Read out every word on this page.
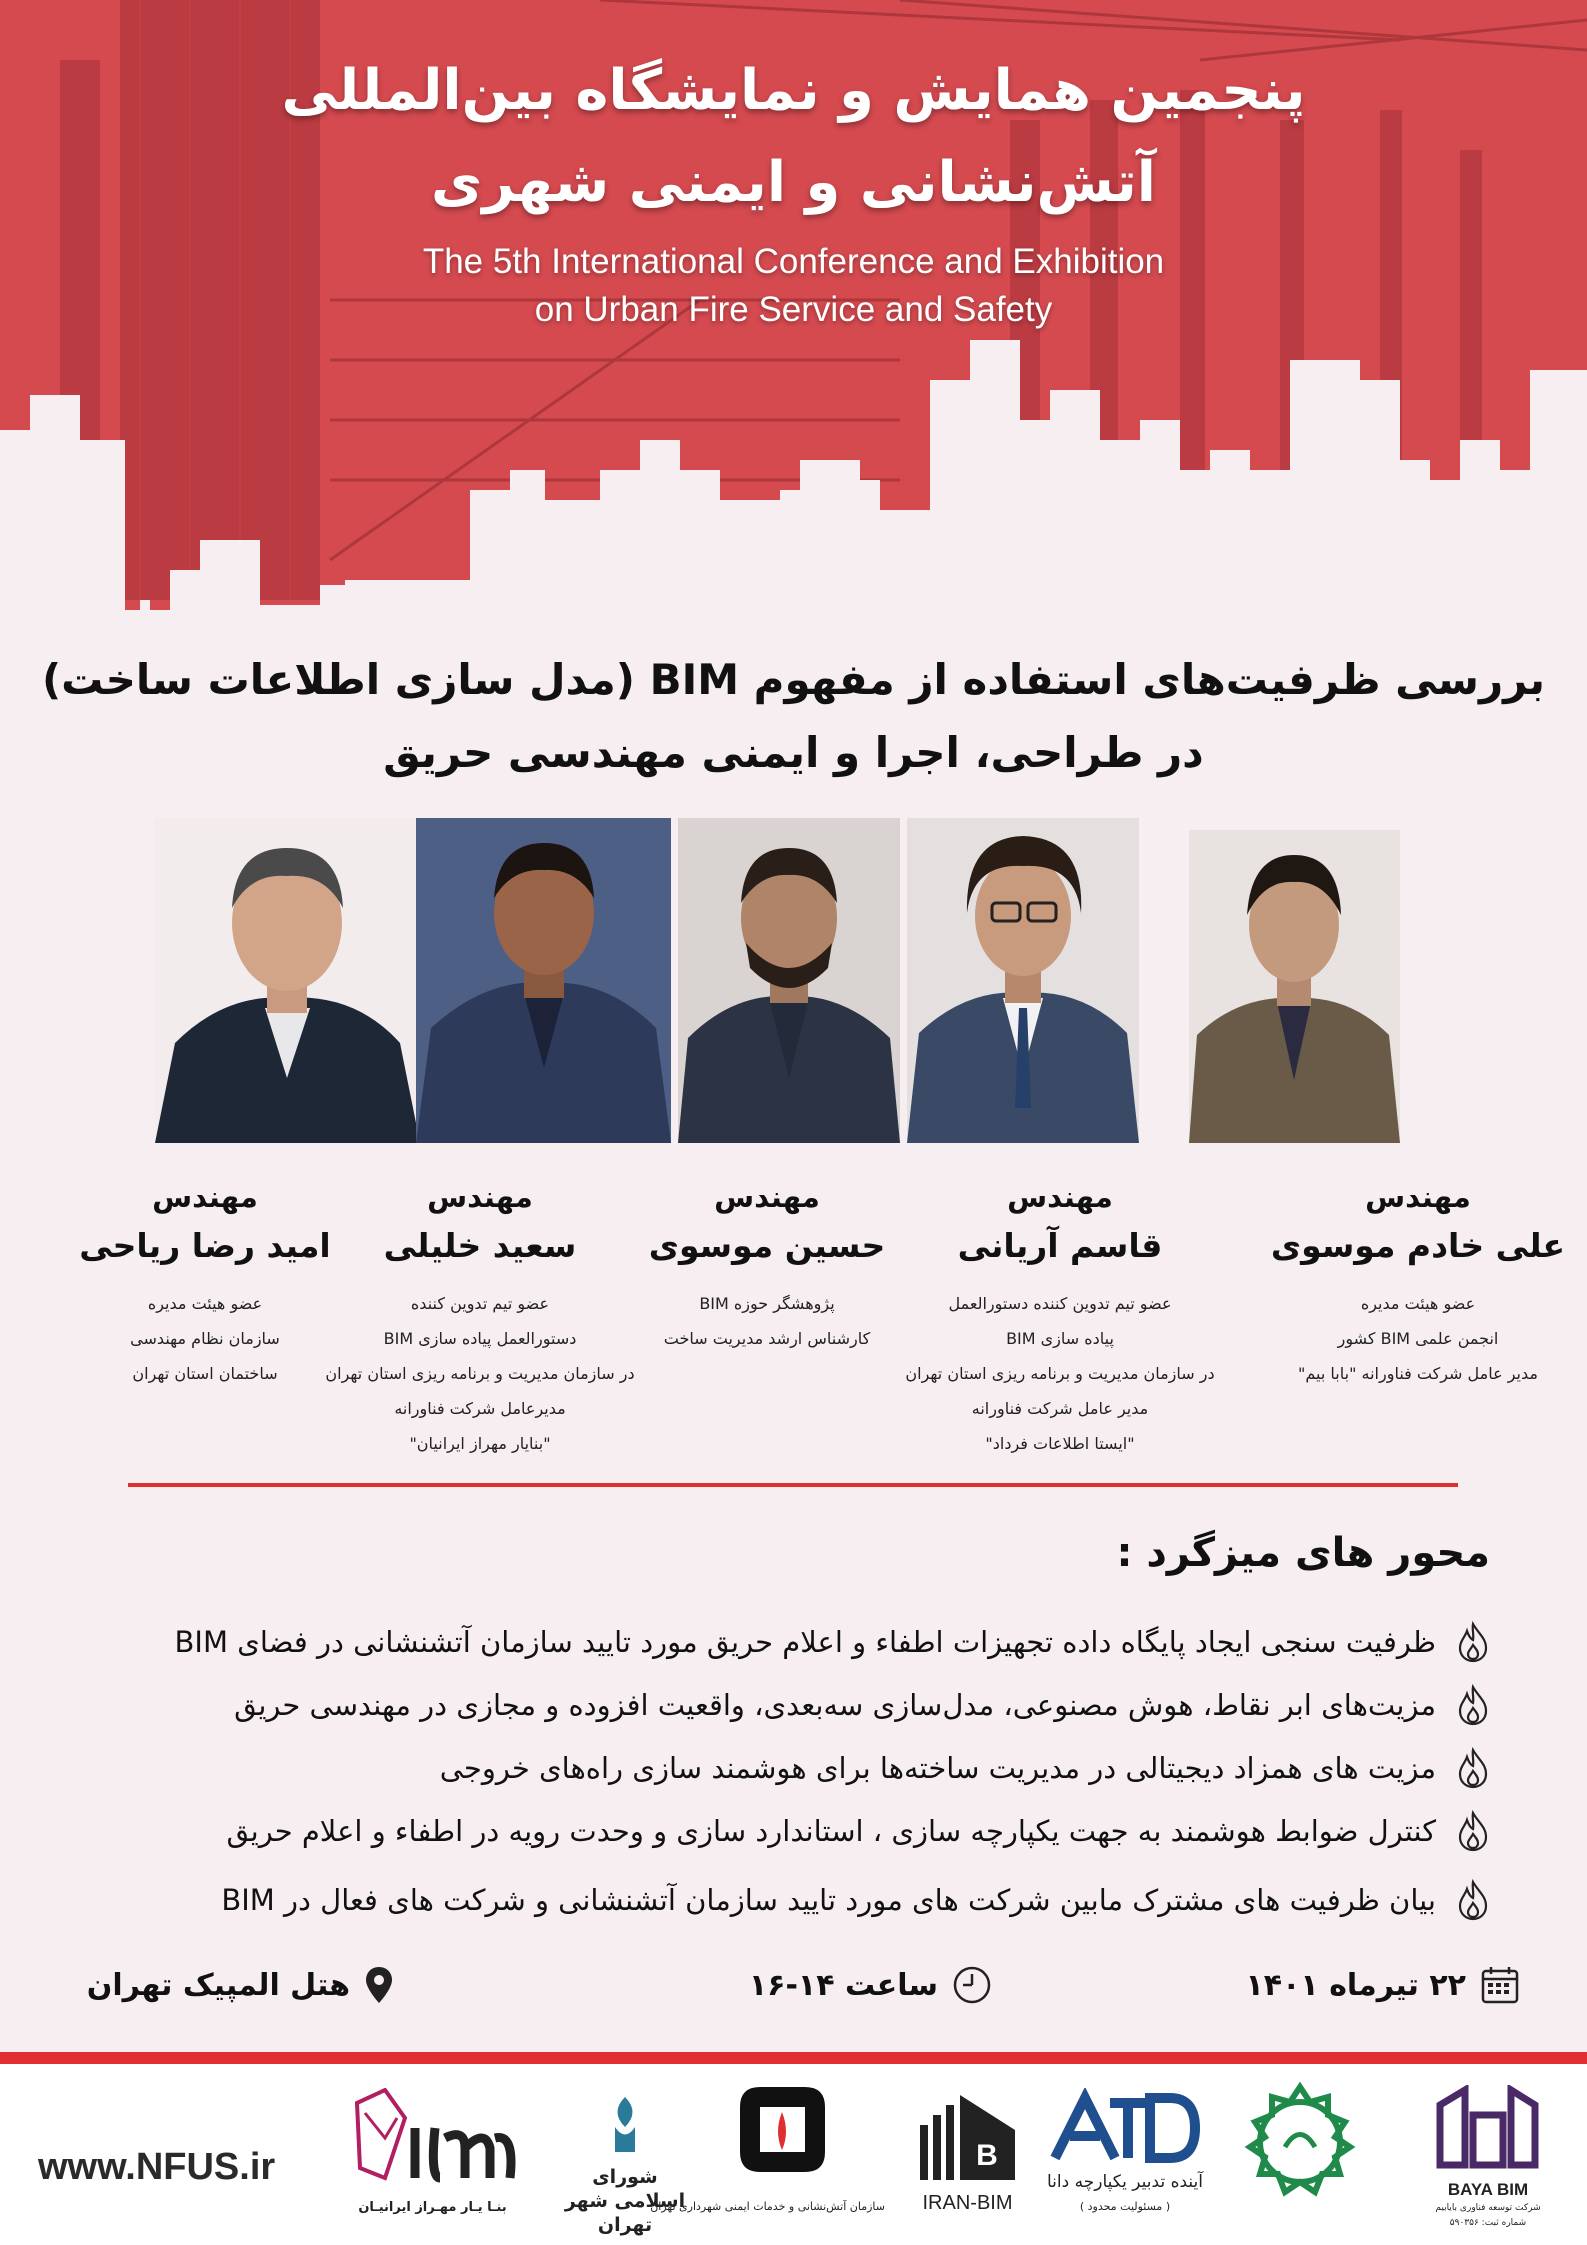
پنجمین همایش و نمایشگاه بین‌المللی
آتش‌نشانی و ایمنی شهری
The 5th International Conference and Exhibition
on Urban Fire Service and Safety
بررسی ظرفیت‌های استفاده از مفهوم BIM (مدل سازی اطلاعات ساخت)
در طراحی، اجرا و ایمنی مهندسی حریق
مهندس
علی خادم موسوی
عضو هیئت مدیره
انجمن علمی BIM کشور
مدیر عامل شرکت فناورانه "بابا بیم"
مهندس
قاسم آریانی
عضو تیم تدوین کننده دستورالعمل
پیاده سازی BIM
در سازمان مدیریت و برنامه ریزی استان تهران
مدیر عامل شرکت فناورانه
"ایستا اطلاعات فرداد"
مهندس
حسین موسوی
پژوهشگر حوزه BIM
کارشناس ارشد مدیریت ساخت
مهندس
سعید خلیلی
عضو تیم تدوین کننده
دستورالعمل پیاده سازی BIM
در سازمان مدیریت و برنامه ریزی استان تهران
مدیرعامل شرکت فناورانه
"بنایار مهراز ایرانیان"
مهندس
امید رضا ریاحی
عضو هیئت مدیره
سازمان نظام مهندسی
ساختمان استان تهران
محور های میزگرد :
ظرفیت سنجی ایجاد پایگاه داده تجهیزات اطفاء و اعلام حریق مورد تایید سازمان آتشنشانی در فضای BIM
مزیت‌های ابر نقاط، هوش مصنوعی، مدل‌سازی سه‌بعدی، واقعیت افزوده و مجازی در مهندسی حریق
مزیت های همزاد دیجیتالی در مدیریت ساخته‌ها برای هوشمند سازی راه‌های خروجی
کنترل ضوابط هوشمند به جهت یکپارچه سازی ، استاندارد سازی و وحدت رویه در اطفاء و اعلام حریق
بیان ظرفیت های مشترک مابین شرکت های مورد تایید سازمان آتشنشانی و شرکت های فعال در BIM
۲۲ تیرماه ۱۴۰۱
ساعت ۱۴-۱۶
هتل المپیک تهران
www.NFUS.ir
بنـا یـار مهـراز ایرانیـان
شورای اسلامی شهر تهران
سازمان آتش‌نشانی و خدمات ایمنی شهرداری تهران
B
IRAN-BIM
آینده تدبیر یکپارچه دانا
( مسئولیت محدود )
BAYA BIM
شرکت توسعه فناوری بایابیم
شماره ثبت: ۵۹۰۳۵۶
